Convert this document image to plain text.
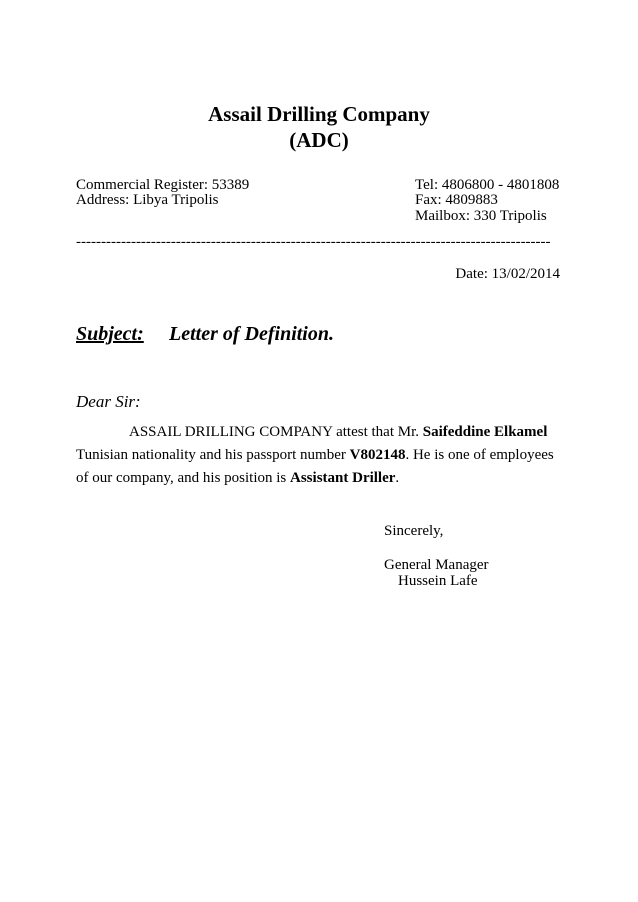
Assail Drilling Company
(ADC)
Commercial Register: 53389
Address: Libya Tripolis
Tel: 4806800 - 4801808
Fax: 4809883
Mailbox: 330 Tripolis
-----------------------------------------------------------------------------------------------
Date: 13/02/2014
Subject: Letter of Definition.
Dear Sir:
ASSAIL DRILLING COMPANY attest that Mr. Saifeddine Elkamel Tunisian nationality and his passport number V802148. He is one of employees of our company, and his position is Assistant Driller.
Sincerely,
General Manager
Hussein Lafe
